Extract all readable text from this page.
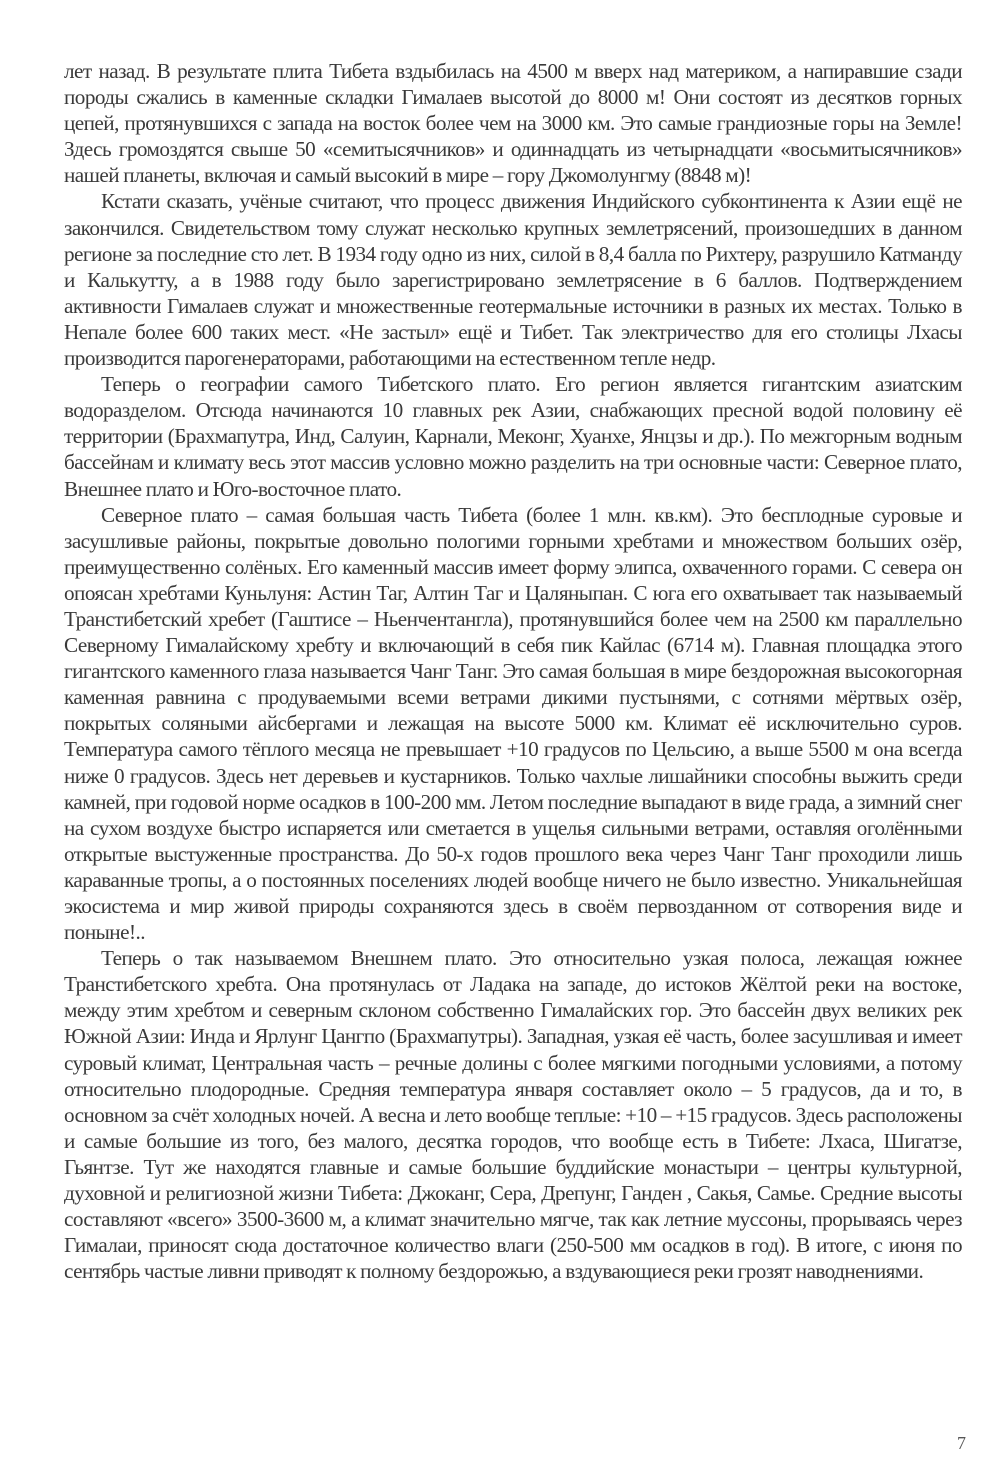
лет назад. В результате плита Тибета вздыбилась на 4500 м вверх над материком, а напиравшие сзади породы сжались в каменные складки Гималаев высотой до 8000 м! Они состоят из десятков горных цепей, протянувшихся с запада на восток более чем на 3000 км. Это самые грандиозные горы на Земле! Здесь громоздятся свыше 50 «семитысячников» и одиннадцать из четырнадцати «восьмитысячников» нашей планеты, включая и самый высокий в мире – гору Джомолунгму (8848 м)!

Кстати сказать, учёные считают, что процесс движения Индийского субконтинента к Азии ещё не закончился. Свидетельством тому служат несколько крупных землетрясений, произошедших в данном регионе за последние сто лет. В 1934 году одно из них, силой в 8,4 балла по Рихтеру, разрушило Катманду и Калькутту, а в 1988 году было зарегистрировано землетрясение в 6 баллов. Подтверждением активности Гималаев служат и множественные геотермальные источники в разных их местах. Только в Непале более 600 таких мест. «Не застыл» ещё и Тибет. Так электричество для его столицы Лхасы производится парогенераторами, работающими на естественном тепле недр.

Теперь о географии самого Тибетского плато. Его регион является гигантским азиатским водоразделом. Отсюда начинаются 10 главных рек Азии, снабжающих пресной водой половину её территории (Брахмапутра, Инд, Салуин, Карнали, Меконг, Хуанхе, Янцзы и др.). По межгорным водным бассейнам и климату весь этот массив условно можно разделить на три основные части: Северное плато, Внешнее плато и Юго-восточное плато.

Северное плато – самая большая часть Тибета (более 1 млн. кв.км). Это бесплодные суровые и засушливые районы, покрытые довольно пологими горными хребтами и множеством больших озёр, преимущественно солёных. Его каменный массив имеет форму элипса, охваченного горами. С севера он опоясан хребтами Куньлуня: Астин Таг, Алтин Таг и Цаляныпан. С юга его охватывает так называемый Транстибетский хребет (Гаштисе – Ньенчентангла), протянувшийся более чем на 2500 км параллельно Северному Гималайскому хребту и включающий в себя пик Кайлас (6714 м). Главная площадка этого гигантского каменного глаза называется Чанг Танг. Это самая большая в мире бездорожная высокогорная каменная равнина с продуваемыми всеми ветрами дикими пустынями, с сотнями мёртвых озёр, покрытых соляными айсбергами и лежащая на высоте 5000 км. Климат её исключительно суров. Температура самого тёплого месяца не превышает +10 градусов по Цельсию, а выше 5500 м она всегда ниже 0 градусов. Здесь нет деревьев и кустарников. Только чахлые лишайники способны выжить среди камней, при годовой норме осадков в 100-200 мм. Летом последние выпадают в виде града, а зимний снег на сухом воздухе быстро испаряется или сметается в ущелья сильными ветрами, оставляя оголёнными открытые выстуженные пространства. До 50-х годов прошлого века через Чанг Танг проходили лишь караванные тропы, а о постоянных поселениях людей вообще ничего не было известно. Уникальнейшая экосистема и мир живой природы сохраняются здесь в своём первозданном от сотворения виде и поныне!..

Теперь о так называемом Внешнем плато. Это относительно узкая полоса, лежащая южнее Транстибетского хребта. Она протянулась от Ладака на западе, до истоков Жёлтой реки на востоке, между этим хребтом и северным склоном собственно Гималайских гор. Это бассейн двух великих рек Южной Азии: Инда и Ярлунг Цангпо (Брахмапутры). Западная, узкая её часть, более засушливая и имеет суровый климат, Центральная часть – речные долины с более мягкими погодными условиями, а потому относительно плодородные. Средняя температура января составляет около – 5 градусов, да и то, в основном за счёт холодных ночей. А весна и лето вообще теплые: +10 – +15 градусов. Здесь расположены и самые большие из того, без малого, десятка городов, что вообще есть в Тибете: Лхаса, Шигатзе, Гьянтзе. Тут же находятся главные и самые большие буддийские монастыри – центры культурной, духовной и религиозной жизни Тибета: Джоканг, Сера, Дрепунг, Ганден , Сакья, Самье. Средние высоты составляют «всего» 3500-3600 м, а климат значительно мягче, так как летние муссоны, прорываясь через Гималаи, приносят сюда достаточное количество влаги (250-500 мм осадков в год). В итоге, с июня по сентябрь частые ливни приводят к полному бездорожью, а вздувающиеся реки грозят наводнениями.

7
